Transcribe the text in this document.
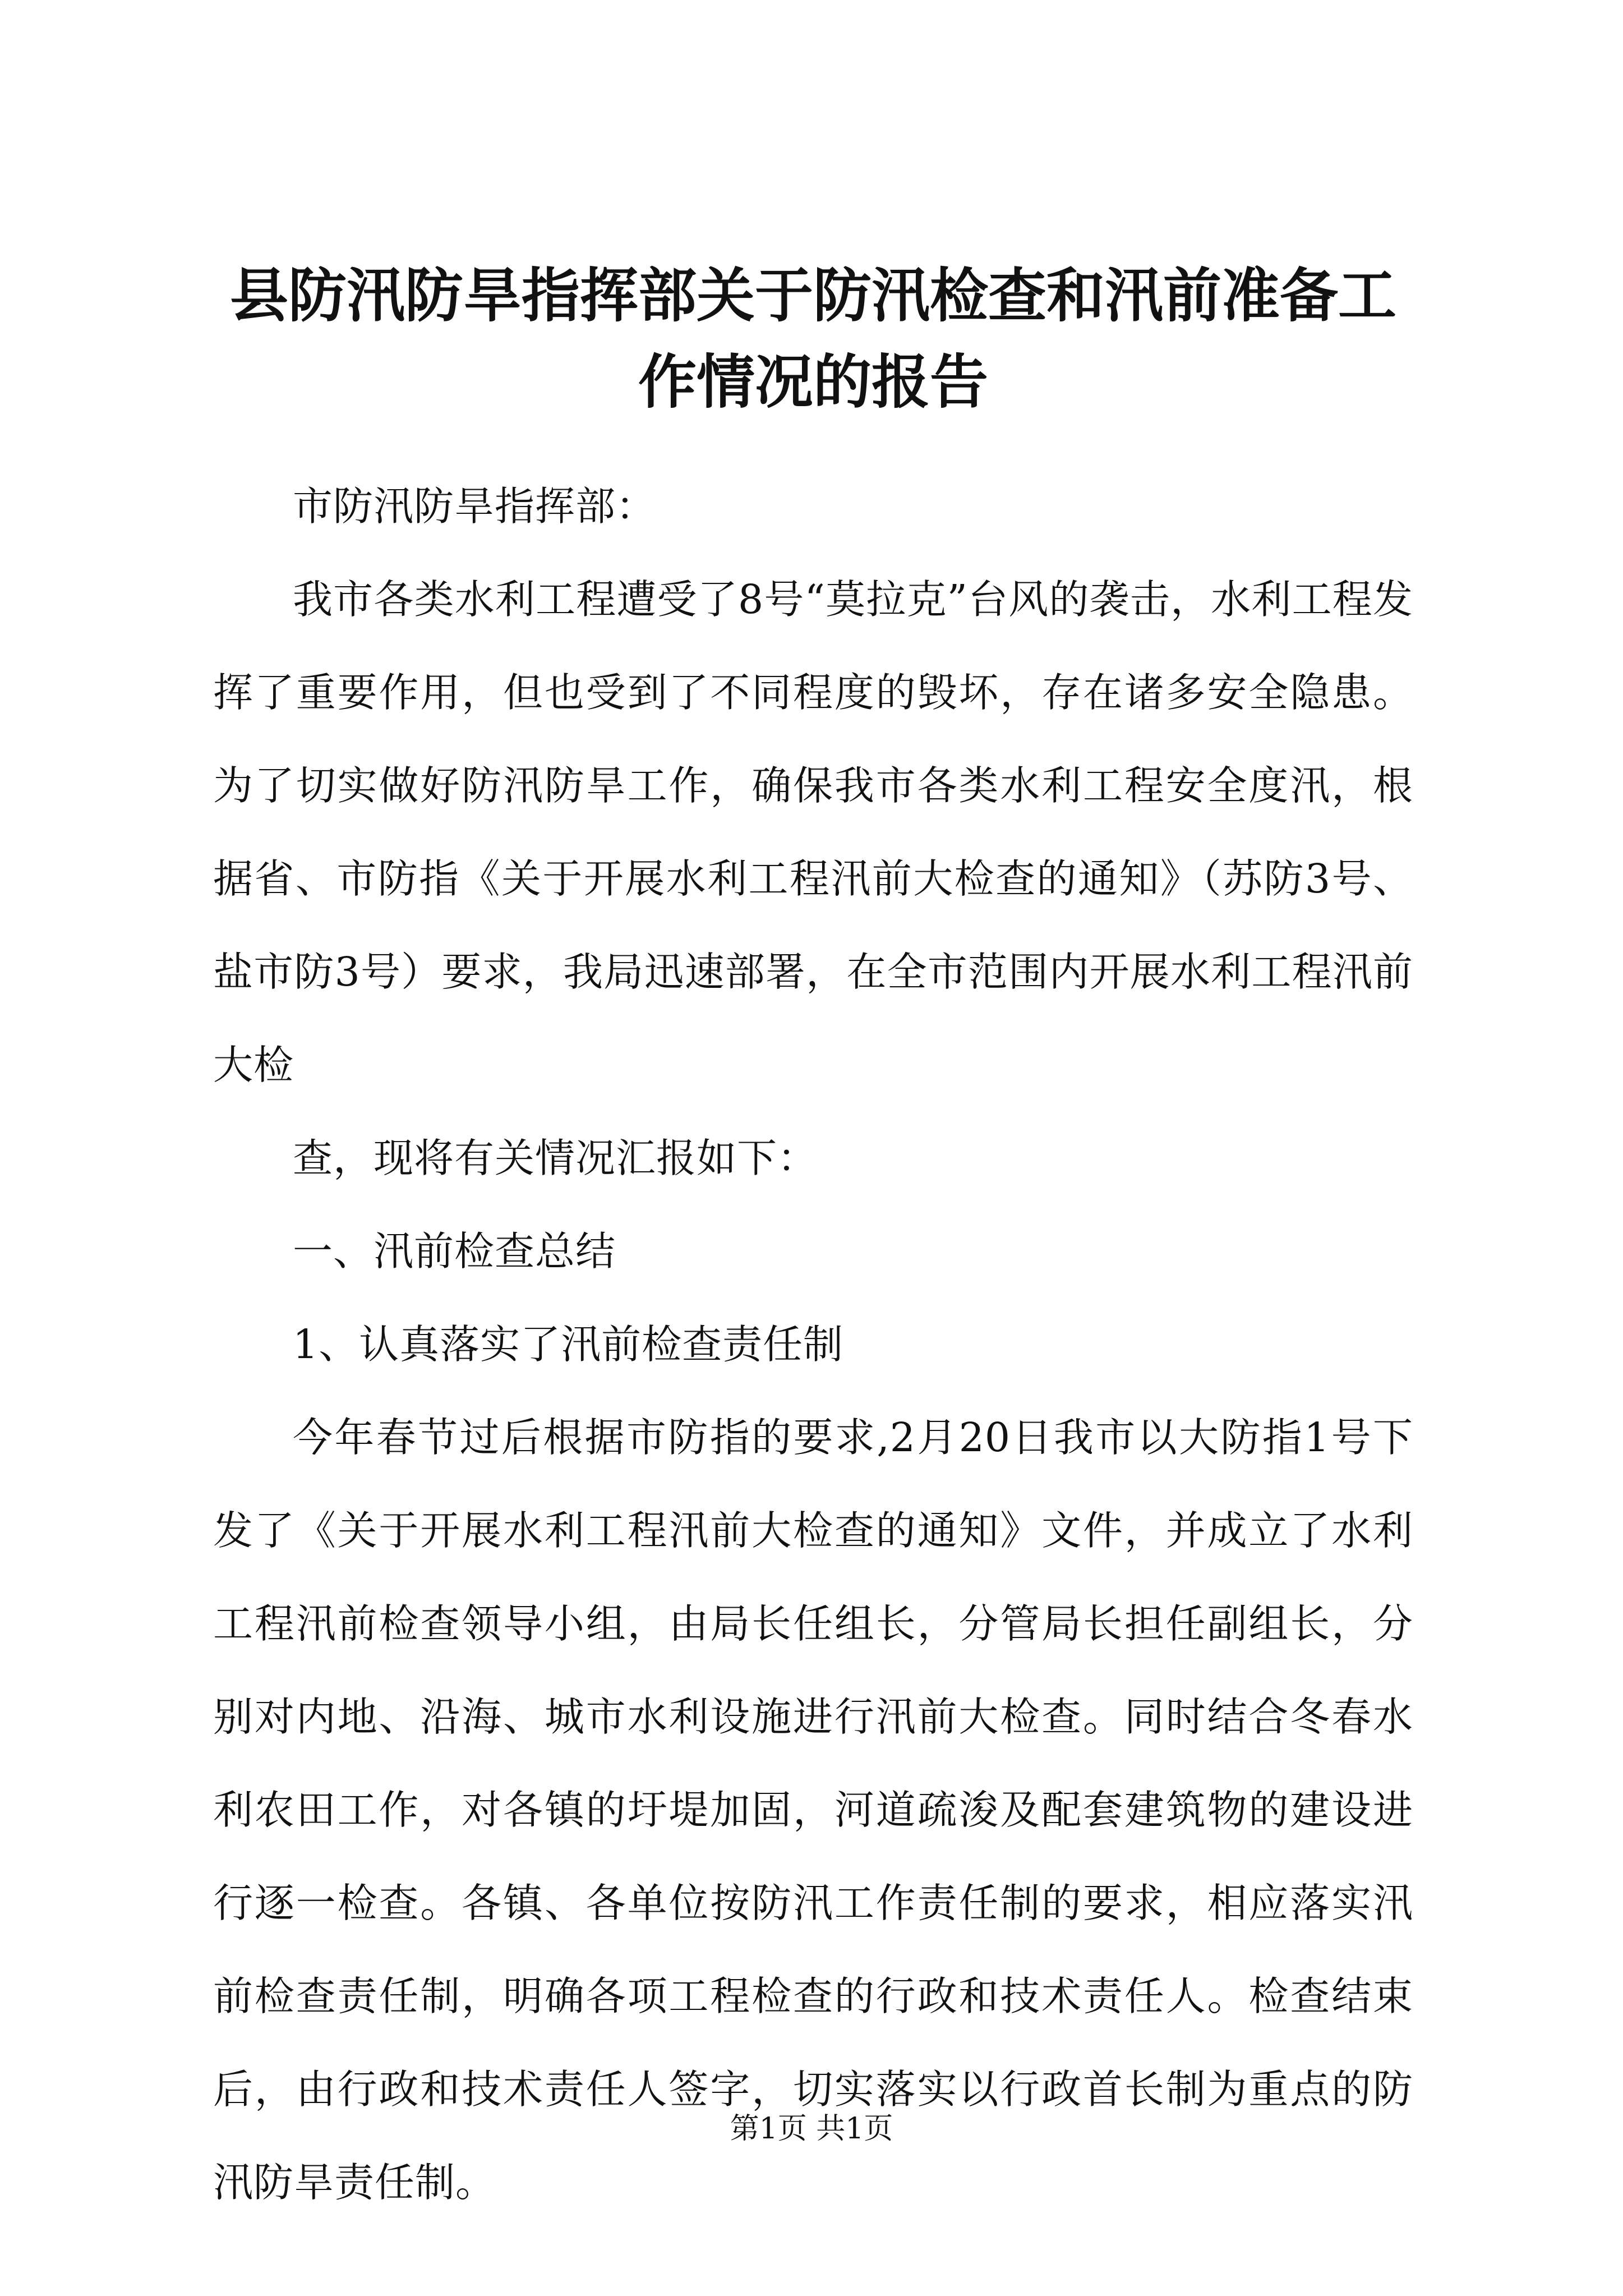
县防汛防旱指挥部关于防汛检查和汛前准备工作情况的报告

市防汛防旱指挥部：

我市各类水利工程遭受了8号“莫拉克”台风的袭击，水利工程发挥了重要作用，但也受到了不同程度的毁坏，存在诸多安全隐患。为了切实做好防汛防旱工作，确保我市各类水利工程安全度汛，根据省、市防指《关于开展水利工程汛前大检查的通知》（苏防3号、盐市防3号）要求，我局迅速部署，在全市范围内开展水利工程汛前大检

查，现将有关情况汇报如下：

一、汛前检查总结

1、认真落实了汛前检查责任制

今年春节过后根据市防指的要求,2月20日我市以大防指1号下发了《关于开展水利工程汛前大检查的通知》文件，并成立了水利工程汛前检查领导小组，由局长任组长，分管局长担任副组长，分别对内地、沿海、城市水利设施进行汛前大检查。同时结合冬春水利农田工作，对各镇的圩堤加固，河道疏浚及配套建筑物的建设进行逐一检查。各镇、各单位按防汛工作责任制的要求，相应落实汛前检查责任制，明确各项工程检查的行政和技术责任人。检查结束后，由行政和技术责任人签字，切实落实以行政首长制为重点的防汛防旱责任制。

第1页 共1页
